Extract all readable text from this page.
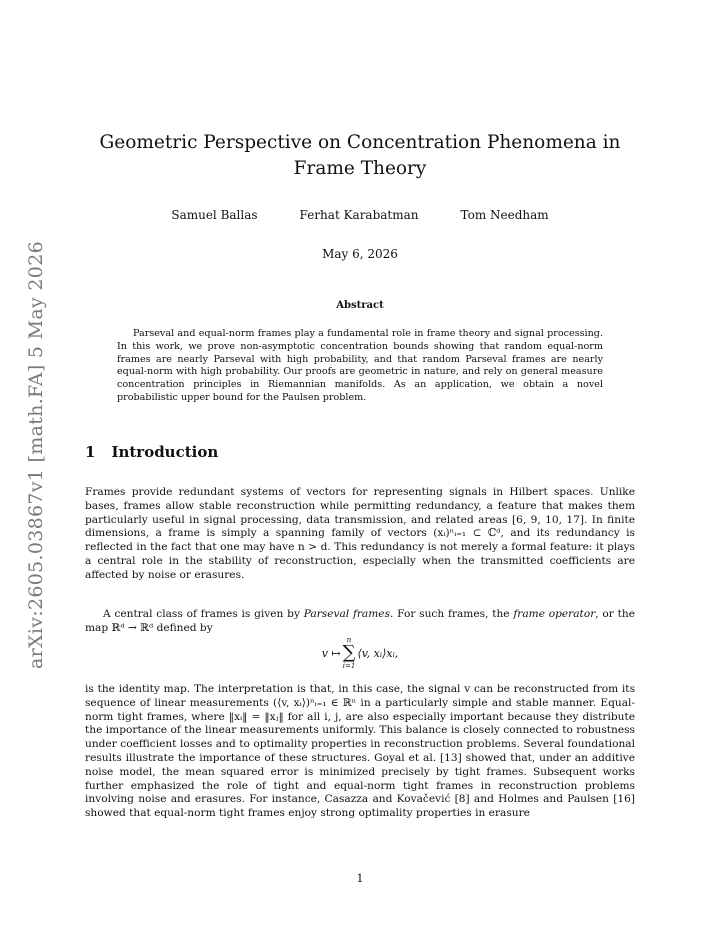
arXiv:2605.03867v1 [math.FA] 5 May 2026
Geometric Perspective on Concentration Phenomena in Frame Theory
Samuel Ballas	Ferhat Karabatman	Tom Needham
May 6, 2026
Abstract

Parseval and equal-norm frames play a fundamental role in frame theory and signal processing. In this work, we prove non-asymptotic concentration bounds showing that random equal-norm frames are nearly Parseval with high probability, and that random Parseval frames are nearly equal-norm with high probability. Our proofs are geometric in nature, and rely on general measure concentration principles in Riemannian manifolds. As an application, we obtain a novel probabilistic upper bound for the Paulsen problem.

1 Introduction

Frames provide redundant systems of vectors for representing signals in Hilbert spaces. Unlike bases, frames allow stable reconstruction while permitting redundancy, a feature that makes them particularly useful in signal processing, data transmission, and related areas [6, 9, 10, 17]. In finite dimensions, a frame is simply a spanning family of vectors (xᵢ)ⁿᵢ₌₁ ⊂ ℂᵈ, and its redundancy is reflected in the fact that one may have n > d. This redundancy is not merely a formal feature: it plays a central role in the stability of reconstruction, especially when the transmitted coefficients are affected by noise or erasures.

A central class of frames is given by Parseval frames. For such frames, the frame operator, or the map ℝᵈ → ℝᵈ defined by

v ↦
n
∑
i=1
⟨v, xᵢ⟩xᵢ,

is the identity map. The interpretation is that, in this case, the signal v can be reconstructed from its sequence of linear measurements (⟨v, xᵢ⟩)ⁿᵢ₌₁ ∈ ℝⁿ in a particularly simple and stable manner. Equal-norm tight frames, where ‖xᵢ‖ = ‖xⱼ‖ for all i, j, are also especially important because they distribute the importance of the linear measurements uniformly. This balance is closely connected to robustness under coefficient losses and to optimality properties in reconstruction problems. Several foundational results illustrate the importance of these structures. Goyal et al. [13] showed that, under an additive noise model, the mean squared error is minimized precisely by tight frames. Subsequent works further emphasized the role of tight and equal-norm tight frames in reconstruction problems involving noise and erasures. For instance, Casazza and Kovačević [8] and Holmes and Paulsen [16] showed that equal-norm tight frames enjoy strong optimality properties in erasure

1
